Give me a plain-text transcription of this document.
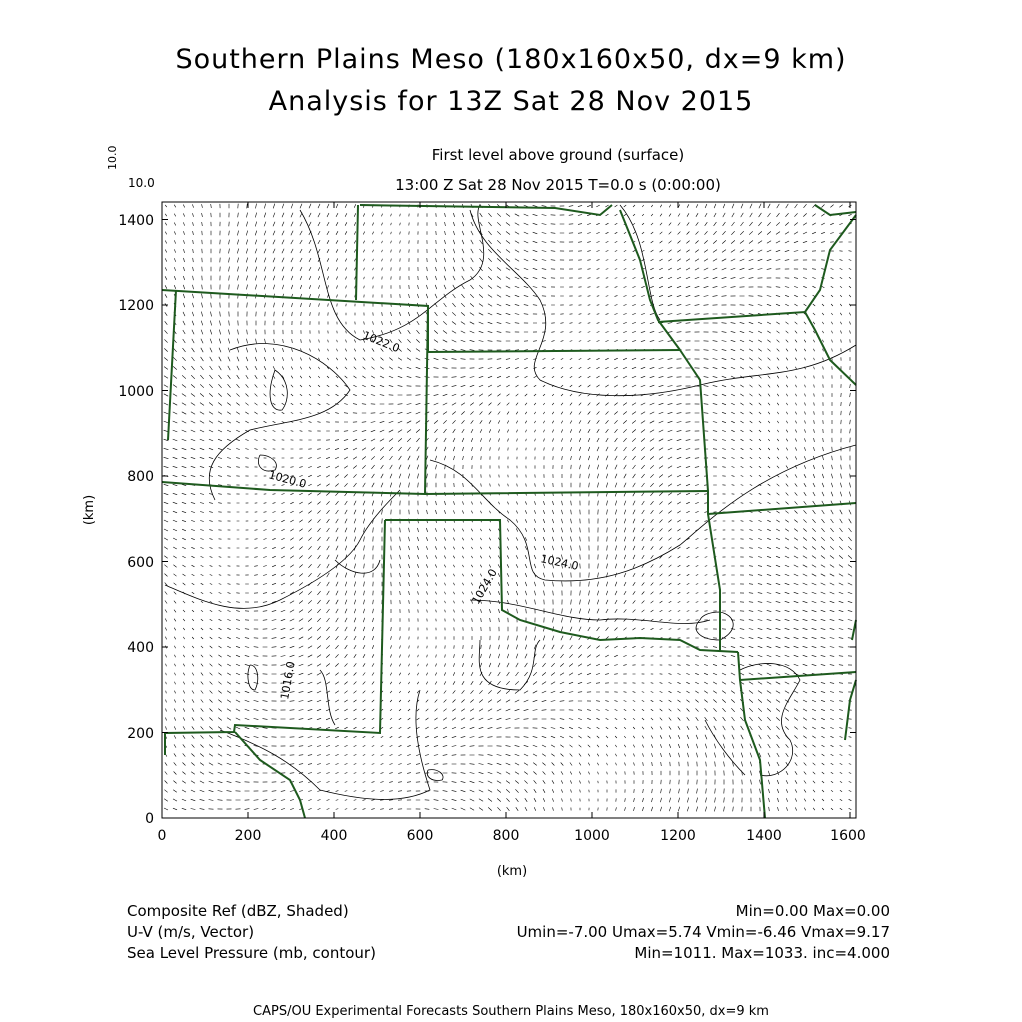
Southern Plains Meso (180x160x50, dx=9 km)
Analysis for 13Z Sat 28 Nov 2015
First level above ground (surface)
13:00 Z Sat 28 Nov 2015 T=0.0 s (0:00:00)
10.0
10.0
1022.0
1020.0
1024.0
1024.0
1016.0
0	200	400	600	800	1000	1200	1400	1600
0
200
400
600
800
1000
1200
1400
(km)
(km)
Composite Ref (dBZ, Shaded)	Min=0.00 Max=0.00
U-V (m/s, Vector)	Umin=-7.00 Umax=5.74 Vmin=-6.46 Vmax=9.17
Sea Level Pressure (mb, contour)	Min=1011. Max=1033. inc=4.000
CAPS/OU Experimental Forecasts Southern Plains Meso, 180x160x50, dx=9 km
